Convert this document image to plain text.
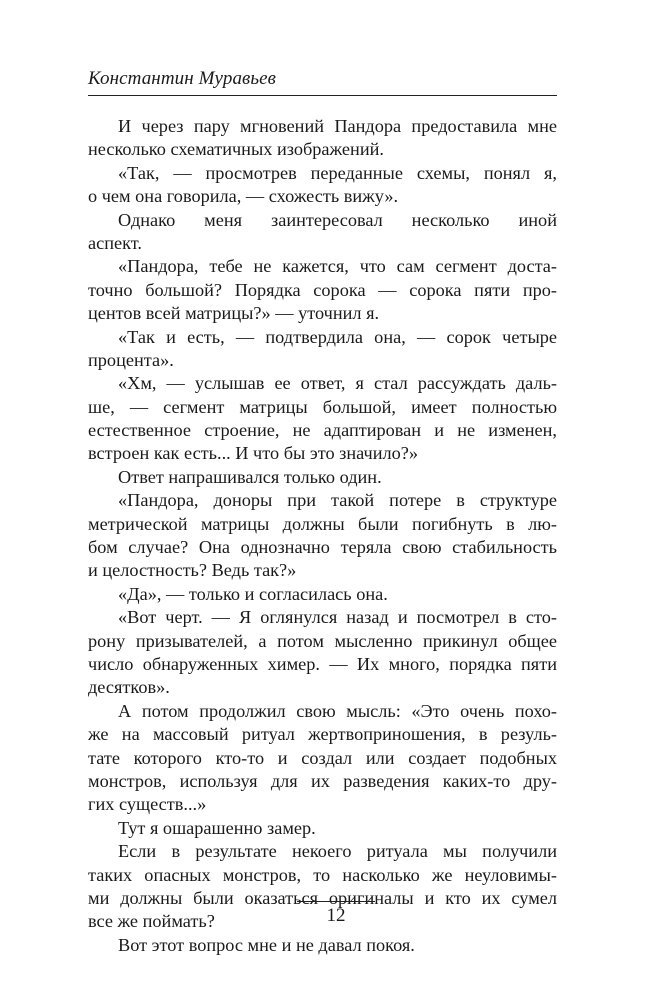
Константин Муравьев
И через пару мгновений Пандора предоставила мне
несколько схематичных изображений.
«Так, — просмотрев переданные схемы, понял я,
о чем она говорила, — схожесть вижу».
Однако меня заинтересовал несколько иной
аспект.
«Пандора, тебе не кажется, что сам сегмент доста-
точно большой? Порядка сорока — сорока пяти про-
центов всей матрицы?» — уточнил я.
«Так и есть, — подтвердила она, — сорок четыре
процента».
«Хм, — услышав ее ответ, я стал рассуждать даль-
ше, — сегмент матрицы большой, имеет полностью
естественное строение, не адаптирован и не изменен,
встроен как есть... И что бы это значило?»
Ответ напрашивался только один.
«Пандора, доноры при такой потере в структуре
метрической матрицы должны были погибнуть в лю-
бом случае? Она однозначно теряла свою стабильность
и целостность? Ведь так?»
«Да», — только и согласилась она.
«Вот черт. — Я оглянулся назад и посмотрел в сто-
рону призывателей, а потом мысленно прикинул общее
число обнаруженных химер. — Их много, порядка пяти
десятков».
А потом продолжил свою мысль: «Это очень похо-
же на массовый ритуал жертвоприношения, в резуль-
тате которого кто-то и создал или создает подобных
монстров, используя для их разведения каких-то дру-
гих существ...»
Тут я ошарашенно замер.
Если в результате некоего ритуала мы получили
таких опасных монстров, то насколько же неуловимы-
ми должны были оказаться оригиналы и кто их сумел
все же поймать?
Вот этот вопрос мне и не давал покоя.
12
